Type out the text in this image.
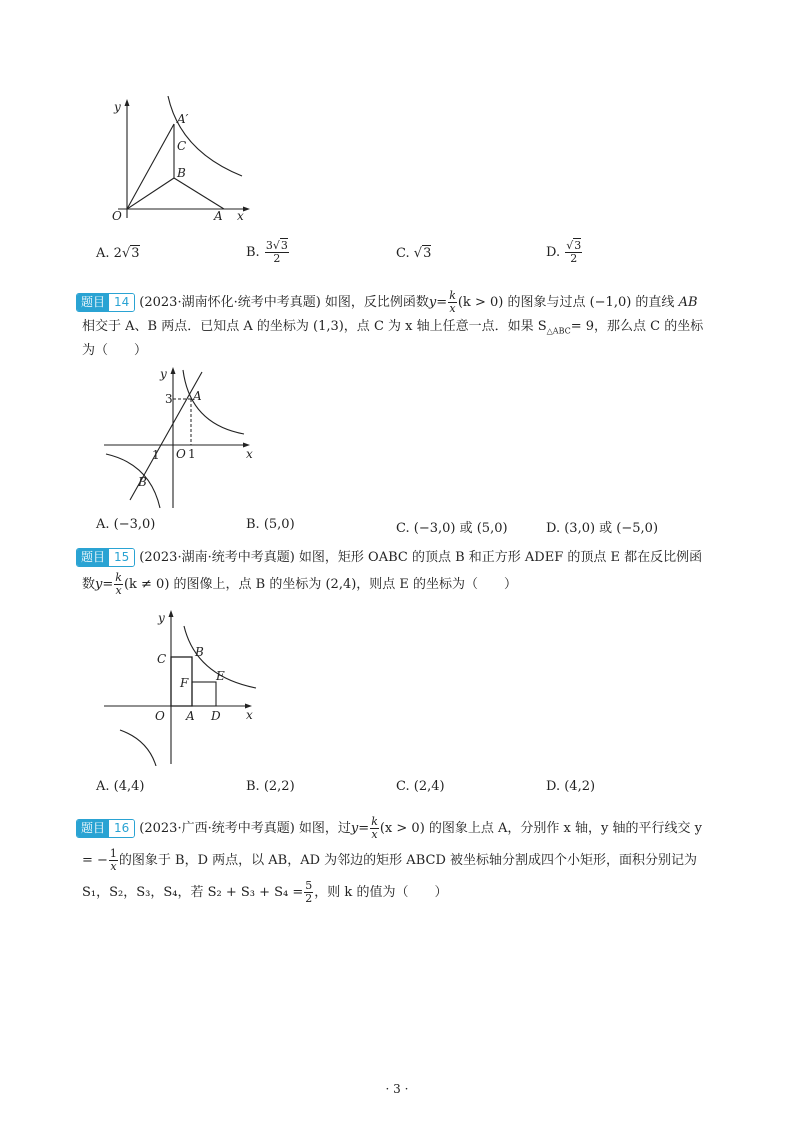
y
x
O	A
A′
C
B
A. 2√3	B. $\frac{3√3}{2}$	C. √3	D. $\frac{√3}{2}$
题目 14 (2023·湖南怀化·统考中考真题) 如图，反比例函数$y= \frac{k}{x} (k > 0)$ 的图象与过点 (−1,0) 的直线 AB
相交于 A、B 两点．已知点 A 的坐标为 (1,3)，点 C 为 x 轴上任意一点．如果 $S_{\triangle ABC}= 9$，那么点 C 的坐标
为（　　）
y
x
O 1
1
3 A
B
A. (−3,0)	B. (5,0)	C. (−3,0) 或 (5,0)	D. (3,0) 或 (−5,0)
题目 15 (2023·湖南·统考中考真题) 如图，矩形 OABC 的顶点 B 和正方形 ADEF 的顶点 E 都在反比例函
数$y= \frac{k}{x} (k \ne 0)$ 的图像上，点 B 的坐标为 (2,4)，则点 E 的坐标为（　　）
y
x
O A
B
C
D
E
F
A. (4,4)	B. (2,2)	C. (2,4)	D. (4,2)
题目 16 (2023·广西·统考中考真题) 如图，过$y= \frac{k}{x} (x > 0)$ 的图象上点 A，分别作 x 轴，y 轴的平行线交 y
= − $\frac{1}{x}$ 的图象于 B，D 两点，以 AB，AD 为邻边的矩形 ABCD 被坐标轴分割成四个小矩形，面积分别记为
S₁，S₂，S₃，S₄，若 $S_2 + S_3 + S_4 = \frac{5}{2}$ ，则 k 的值为（　　）
· 3 ·
